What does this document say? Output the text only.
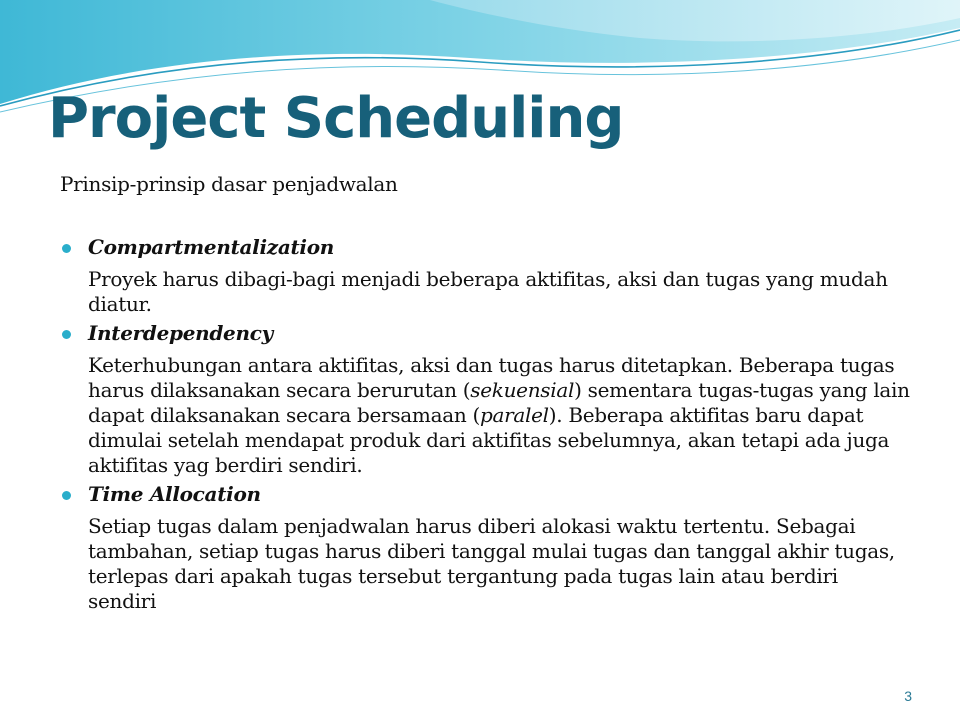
Project Scheduling

Prinsip-prinsip dasar penjadwalan

Compartmentalization

Proyek harus dibagi-bagi menjadi beberapa aktifitas, aksi dan tugas yang mudah diatur.

Interdependency

Keterhubungan antara aktifitas, aksi dan tugas harus ditetapkan. Beberapa tugas harus dilaksanakan secara berurutan (sekuensial) sementara tugas-tugas yang lain dapat dilaksanakan secara bersamaan (paralel). Beberapa aktifitas baru dapat dimulai setelah mendapat produk dari aktifitas sebelumnya, akan tetapi ada juga aktifitas yag berdiri sendiri.

Time Allocation

Setiap tugas dalam penjadwalan harus diberi alokasi waktu tertentu. Sebagai tambahan, setiap tugas harus diberi tanggal mulai tugas dan tanggal akhir tugas, terlepas dari apakah tugas tersebut tergantung pada tugas lain atau berdiri sendiri

3
